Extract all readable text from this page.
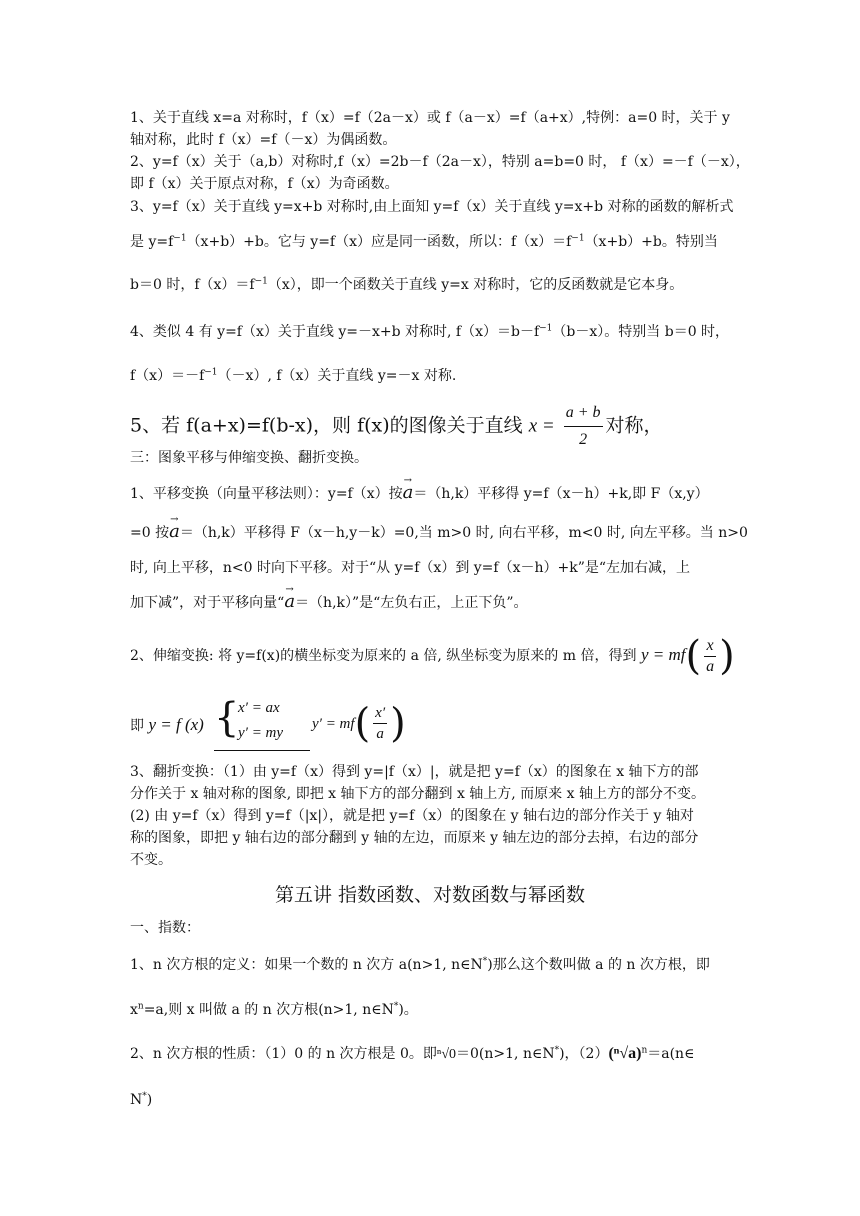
1、关于直线 x=a 对称时，f（x）=f（2a－x）或 f（a－x）=f（a+x）,特例：a=0 时，关于 y
轴对称，此时 f（x）=f（－x）为偶函数。
2、y=f（x）关于（a,b）对称时,f（x）=2b－f（2a－x），特别 a=b=0 时， f（x）=－f（－x），
即 f（x）关于原点对称，f（x）为奇函数。
3、y=f（x）关于直线 y=x+b 对称时,由上面知 y=f（x）关于直线 y=x+b 对称的函数的解析式
是 $y=f^{-1}(x+b)+b$。它与 y=f（x）应是同一函数，所以：$f(x)=f^{-1}(x+b)+b$。特别当
b＝0 时，$f(x)=f^{-1}(x)$，即一个函数关于直线 y=x 对称时，它的反函数就是它本身。
4、类似 4 有 y=f（x）关于直线 y=－x+b 对称时, $f(x)=b-f^{-1}(b-x)$。特别当 b＝0 时，
$f(x)=-f^{-1}(-x)$, f（x）关于直线 y=－x 对称.
5、若 f(a+x)=f(b-x)，则 f(x)的图像关于直线 $x = \frac{a + b}{2}$ 对称，
三：图象平移与伸缩变换、翻折变换。
1、平移变换（向量平移法则）：y=f（x）按→ a＝（h,k）平移得 y=f（x－h）+k,即 F（x,y）
=0 按→ a＝（h,k）平移得 F（x－h,y－k）=0,当 m>0 时, 向右平移，m<0 时, 向左平移。当 n>0
时, 向上平移，n<0 时向下平移。对于“从 y=f（x）到 y=f（x－h）+k”是“左加右减，上
加下减”，对于平移向量“→ a＝（h,k）”是“左负右正，上正下负”。
2、伸缩变换: 将 y=f(x)的横坐标变为原来的 a 倍, 纵坐标变为原来的 m 倍，得到 $y = mf( \frac{x}{a}$ )
即 y = f (x) {
x′ = ax
y′ = my
$y' = mf( \frac{x'}{a}$ )
3、翻折变换：（1）由 y=f（x）得到 y=|f（x）|，就是把 y=f（x）的图象在 x 轴下方的部
分作关于 x 轴对称的图象, 即把 x 轴下方的部分翻到 x 轴上方, 而原来 x 轴上方的部分不变。
(2) 由 y=f（x）得到 y=f（|x|），就是把 y=f（x）的图象在 y 轴右边的部分作关于 y 轴对
称的图象，即把 y 轴右边的部分翻到 y 轴的左边，而原来 y 轴左边的部分去掉，右边的部分
不变。
第五讲 指数函数、对数函数与幂函数
一、指数：
1、n 次方根的定义：如果一个数的 n 次方 a(n>1, n∈N*)那么这个数叫做 a 的 n 次方根，即
$x^n=a$,则 x 叫做 a 的 n 次方根(n>1, n∈N*)。
2、n 次方根的性质：（1）0 的 n 次方根是 0。即ⁿ√0＝0(n>1, n∈N*)，$(2)(^n√a)^n=a(n\in$
N*)
